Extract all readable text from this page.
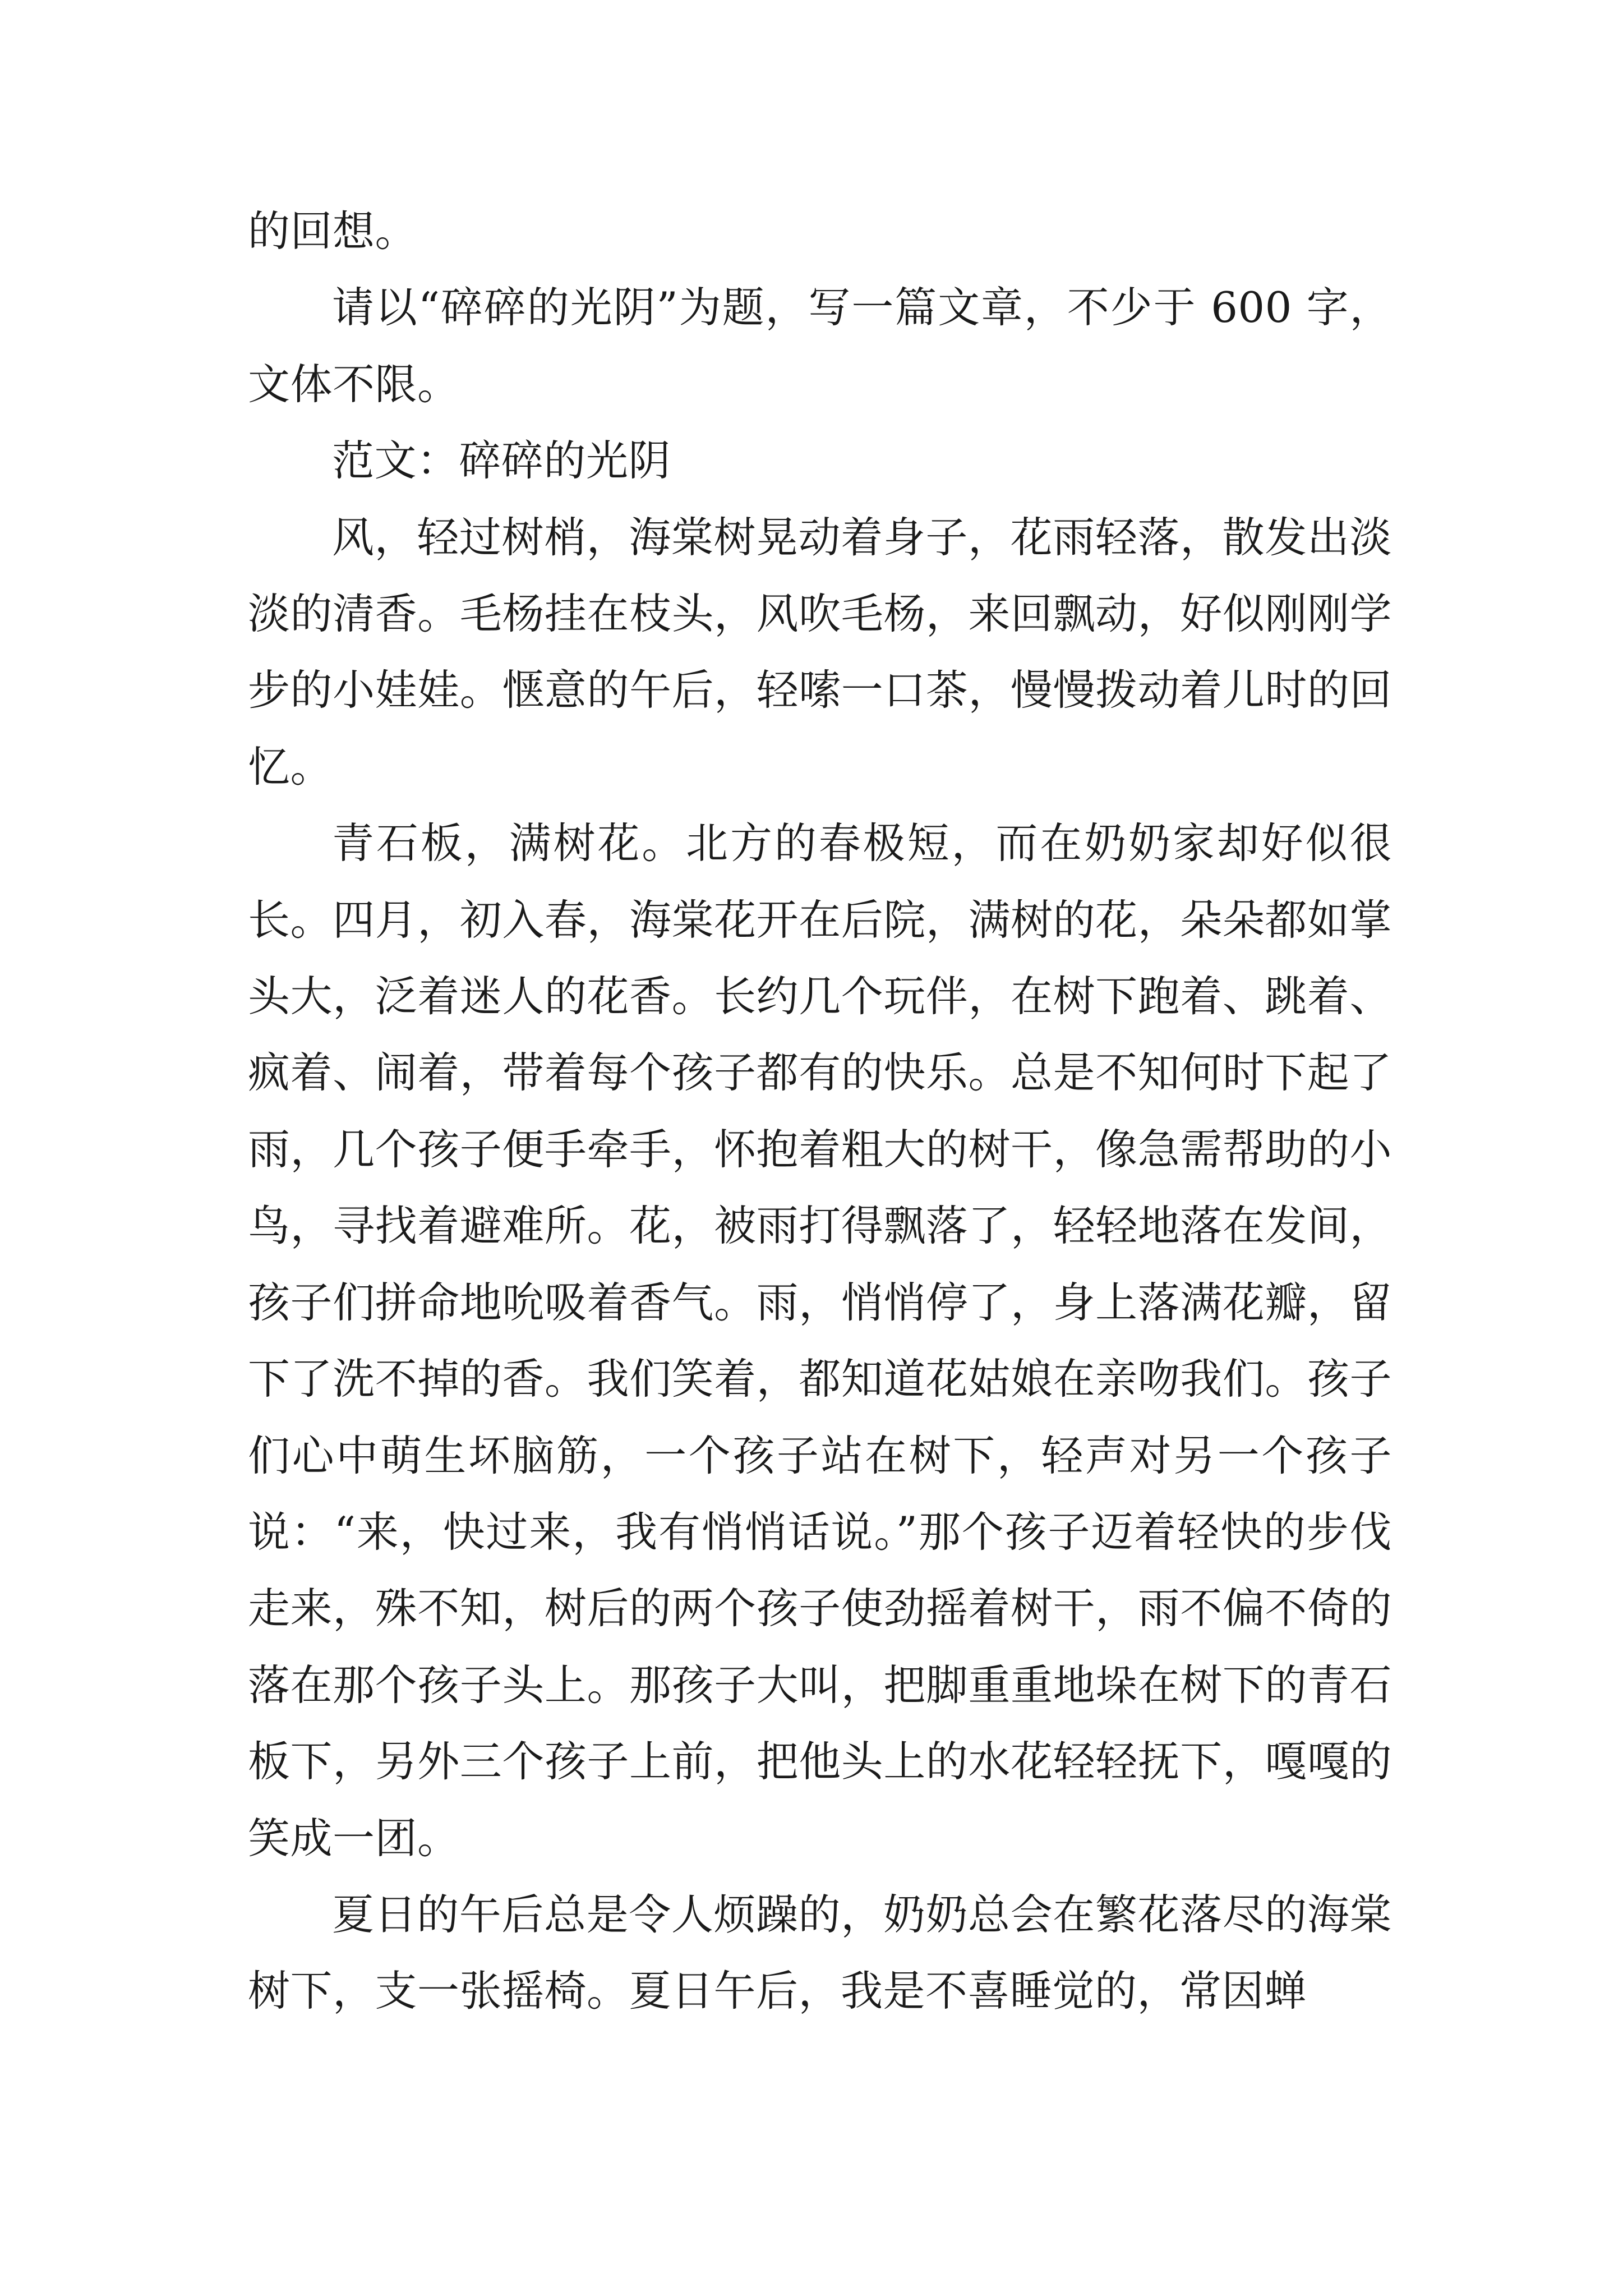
的回想。

请以“碎碎的光阴”为题，写一篇文章，不少于 600 字，文体不限。

范文：碎碎的光阴

风，轻过树梢，海棠树晃动着身子，花雨轻落，散发出淡淡的清香。毛杨挂在枝头，风吹毛杨，来回飘动，好似刚刚学步的小娃娃。惬意的午后，轻嗦一口茶，慢慢拨动着儿时的回忆。

青石板，满树花。北方的春极短，而在奶奶家却好似很长。四月，初入春，海棠花开在后院，满树的花，朵朵都如掌头大，泛着迷人的花香。长约几个玩伴，在树下跑着、跳着、疯着、闹着，带着每个孩子都有的快乐。总是不知何时下起了雨，几个孩子便手牵手，怀抱着粗大的树干，像急需帮助的小鸟，寻找着避难所。花，被雨打得飘落了，轻轻地落在发间，孩子们拼命地吮吸着香气。雨，悄悄停了，身上落满花瓣，留下了洗不掉的香。我们笑着，都知道花姑娘在亲吻我们。孩子们心中萌生坏脑筋，一个孩子站在树下，轻声对另一个孩子说：“来，快过来，我有悄悄话说。”那个孩子迈着轻快的步伐走来，殊不知，树后的两个孩子使劲摇着树干，雨不偏不倚的落在那个孩子头上。那孩子大叫，把脚重重地垛在树下的青石板下，另外三个孩子上前，把他头上的水花轻轻抚下，嘎嘎的笑成一团。

夏日的午后总是令人烦躁的，奶奶总会在繁花落尽的海棠树下，支一张摇椅。夏日午后，我是不喜睡觉的，常因蝉
